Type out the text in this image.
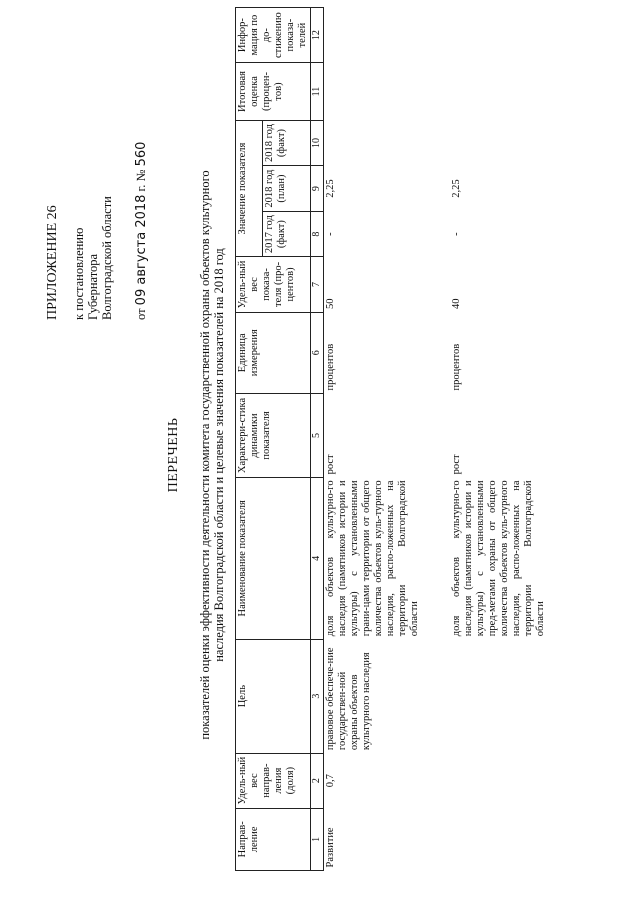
ПРИЛОЖЕНИЕ 26 к постановлению Губернатора Волгоградской области от 09 августа 2018 г. № 560
ПЕРЕЧЕНЬ показателей оценки эффективности деятельности комитета государственной охраны объектов культурного наследия Волгоградской области и целевые значения показателей на 2018 год
Направ-ление	Удель-ный вес направ-ления (доля)	Цель	Наименование показателя	Характери-стика динамики показателя	Единица измерения	Удель-ный вес показа-теля (про-центов)	Значение показателя			Итоговая оценка (процен-тов)	Инфор-мация по до-стижению показа-телей
							2017 год (факт)	2018 год (план)	2018 год (факт)		
1	2	3	4	5	6	7	8	9	10	11	12
Развитие	0,7	правовое обеспече-ние государствен-ной охраны объектов культурного наследия	доля объектов культурно-го наследия (памятников истории и культуры) с установленными грани-цами территории от общего количества объектов куль-турного наследия, распо-ложенных на территории Волгоградской области	рост	процентов	50	-	2,25			
			доля объектов культурно-го наследия (памятников истории и культуры) с установленными пред-метами охраны от общего количества объектов куль-турного наследия, распо-ложенных на территории Волгоградской области	рост	процентов	40	-	2,25			
